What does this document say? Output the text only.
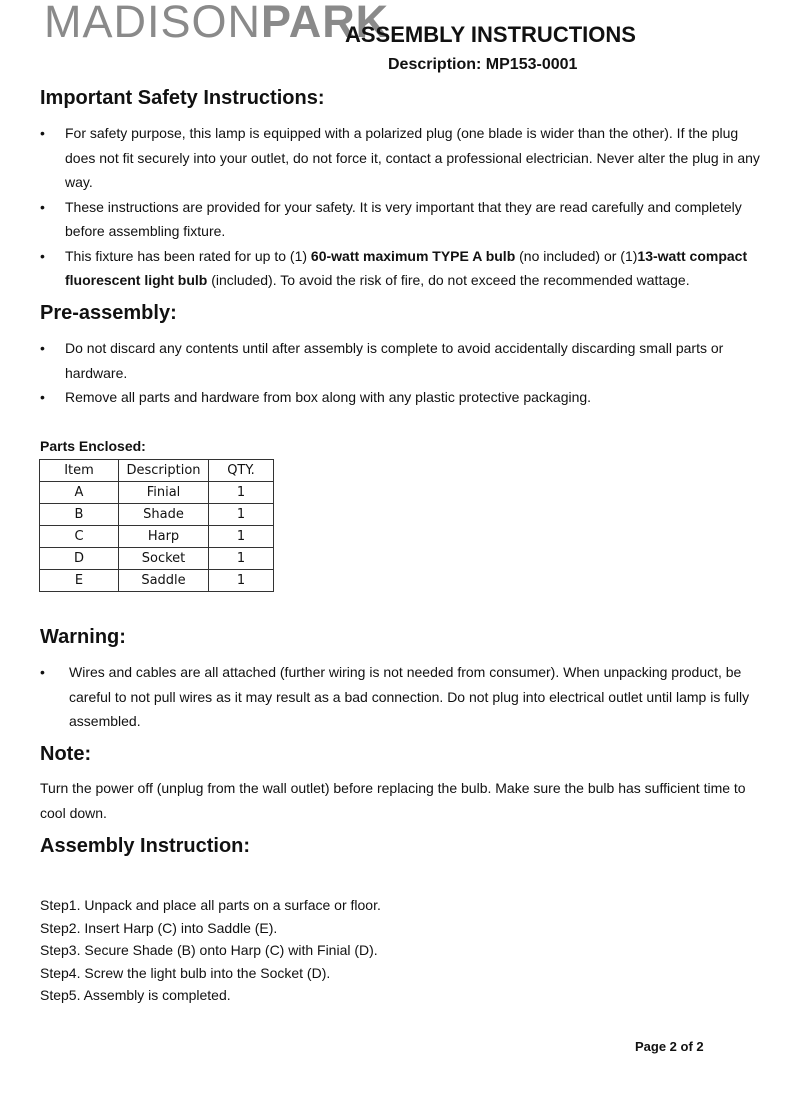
MADISONPARK
ASSEMBLY INSTRUCTIONS
Description: MP153-0001
Important Safety Instructions:
• For safety purpose, this lamp is equipped with a polarized plug (one blade is wider than the other). If the plug does not fit securely into your outlet, do not force it, contact a professional electrician. Never alter the plug in any way.
• These instructions are provided for your safety. It is very important that they are read carefully and completely before assembling fixture.
• This fixture has been rated for up to (1) 60-watt maximum TYPE A bulb (no included) or (1)13-watt compact fluorescent light bulb (included). To avoid the risk of fire, do not exceed the recommended wattage.
Pre-assembly:
• Do not discard any contents until after assembly is complete to avoid accidentally discarding small parts or hardware.
• Remove all parts and hardware from box along with any plastic protective packaging.
Parts Enclosed:
Item	Description	QTY.
A	Finial	1
B	Shade	1
C	Harp	1
D	Socket	1
E	Saddle	1
Warning:
• Wires and cables are all attached (further wiring is not needed from consumer). When unpacking product, be careful to not pull wires as it may result as a bad connection. Do not plug into electrical outlet until lamp is fully assembled.
Note:
Turn the power off (unplug from the wall outlet) before replacing the bulb. Make sure the bulb has sufficient time to cool down.
Assembly Instruction:
Step1. Unpack and place all parts on a surface or floor.
Step2. Insert Harp (C) into Saddle (E).
Step3. Secure Shade (B) onto Harp (C) with Finial (D).
Step4. Screw the light bulb into the Socket (D).
Step5. Assembly is completed.
Page 2 of 2
